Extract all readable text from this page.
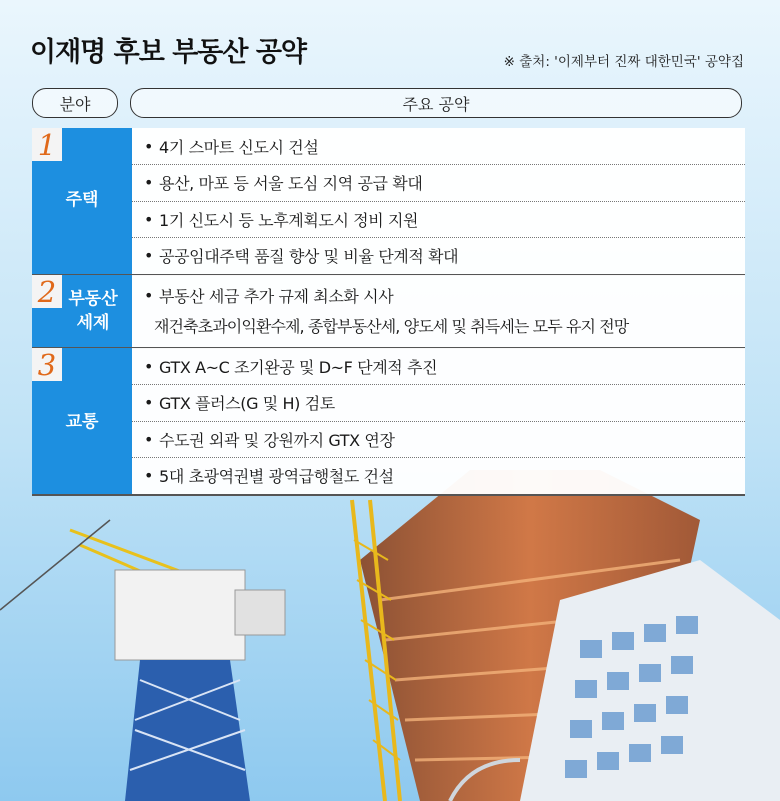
이재명 후보 부동산 공약	※ 출처: '이제부터 진짜 대한민국' 공약집
분야	주요 공약
1
주택
• 4기 스마트 신도시 건설
• 용산, 마포 등 서울 도심 지역 공급 확대
• 1기 신도시 등 노후계획도시 정비 지원
• 공공임대주택 품질 향상 및 비율 단계적 확대
2 부동산
세제
• 부동산 세금 추가 규제 최소화 시사
재건축초과이익환수제, 종합부동산세, 양도세 및 취득세는 모두 유지 전망
3
교통
• GTX A~C 조기완공 및 D~F 단계적 추진
• GTX 플러스(G 및 H) 검토
• 수도권 외곽 및 강원까지 GTX 연장
• 5대 초광역권별 광역급행철도 건설
